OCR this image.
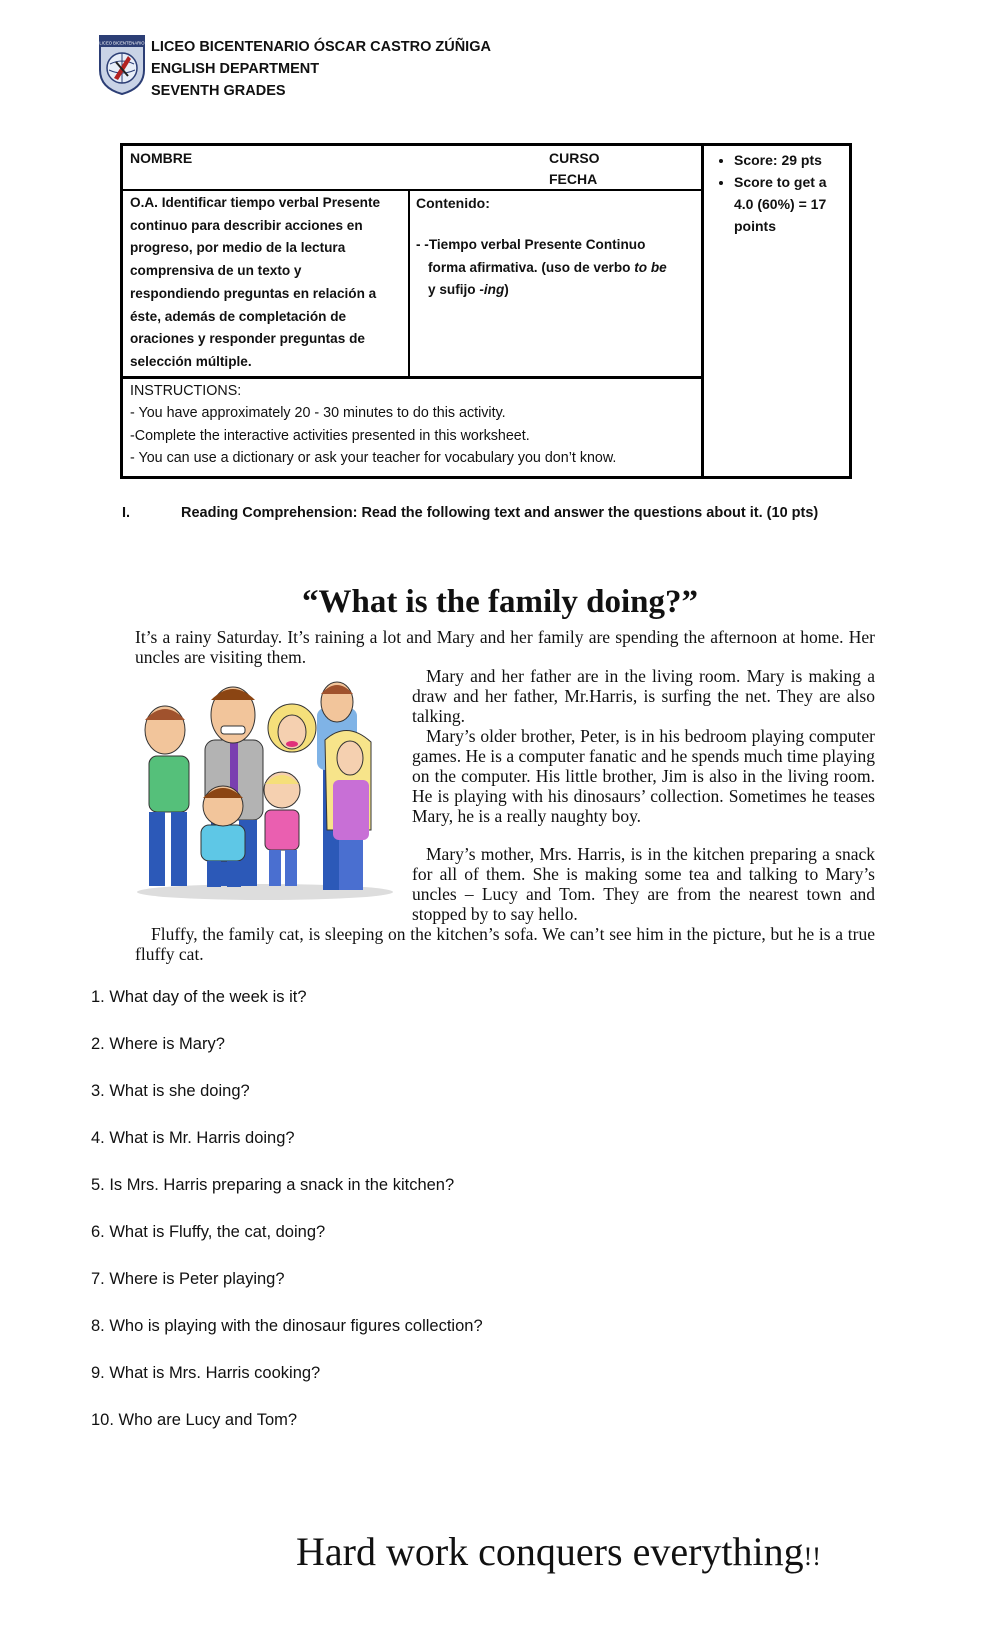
LICEO BICENTENARIO LICEO BICENTENARIO ÓSCAR CASTRO ZÚÑIGA
ENGLISH DEPARTMENT
SEVENTH GRADES
NOMBRE	CURSO
FECHA
O.A. Identificar tiempo verbal Presente
continuo para describir acciones en
progreso, por medio de la lectura
comprensiva de un texto y
respondiendo preguntas en relación a
éste, además de completación de
oraciones y responder preguntas de
selección múltiple.
Contenido:
- -Tiempo verbal Presente Continuo
forma afirmativa. (uso de verbo to be
y sufijo -ing)
INSTRUCTIONS:
- You have approximately 20 - 30 minutes to do this activity.
-Complete the interactive activities presented in this worksheet.
- You can use a dictionary or ask your teacher for vocabulary you don’t know.
• Score: 29 pts
• Score to get a
4.0 (60%) = 17
points
I.	Reading Comprehension: Read the following text and answer the questions about it. (10 pts)
“What is the family doing?”
It’s a rainy Saturday. It’s raining a lot and Mary and her family are spending the afternoon at home. Her uncles are visiting them.
Mary and her father are in the living room. Mary is making a draw and her father, Mr.Harris, is surfing the net. They are also talking.
Mary’s older brother, Peter, is in his bedroom playing computer games. He is a computer fanatic and he spends much time playing on the computer. His little brother, Jim is also in the living room. He is playing with his dinosaurs’ collection. Sometimes he teases Mary, he is a really naughty boy.
Mary’s mother, Mrs. Harris, is in the kitchen preparing a snack for all of them. She is making some tea and talking to Mary’s uncles – Lucy and Tom. They are from the nearest town and stopped by to say hello.
Fluffy, the family cat, is sleeping on the kitchen’s sofa. We can’t see him in the picture, but he is a true fluffy cat.
1. What day of the week is it?
2. Where is Mary?
3. What is she doing?
4. What is Mr. Harris doing?
5. Is Mrs. Harris preparing a snack in the kitchen?
6. What is Fluffy, the cat, doing?
7. Where is Peter playing?
8. Who is playing with the dinosaur figures collection?
9. What is Mrs. Harris cooking?
10. Who are Lucy and Tom?
Hard work conquers everything!!
